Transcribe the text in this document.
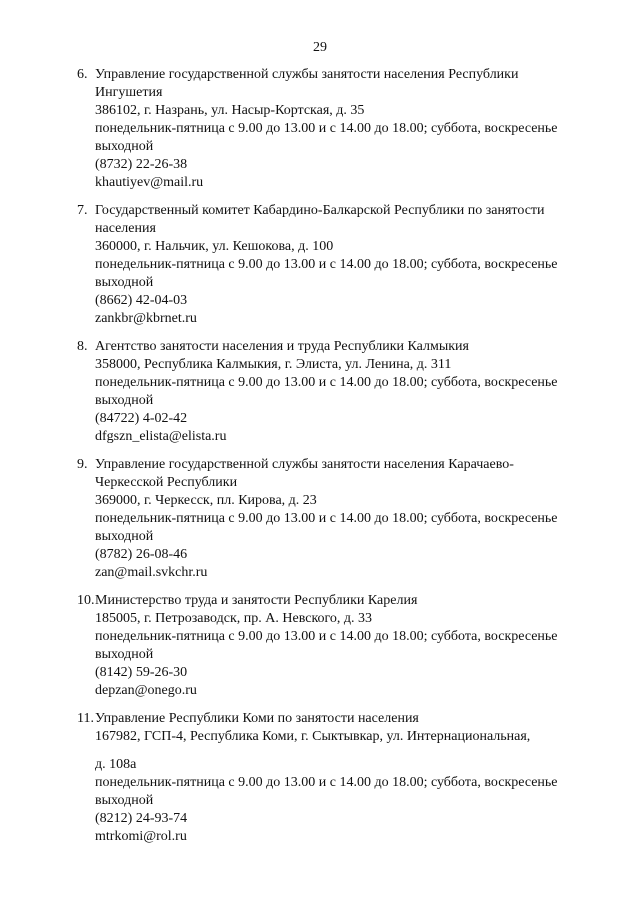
29
6. Управление государственной службы занятости населения Республики
Ингушетия
386102, г. Назрань, ул. Насыр-Кортская, д. 35
понедельник-пятница с 9.00 до 13.00 и с 14.00 до 18.00; суббота, воскресенье
выходной
(8732) 22-26-38
khautiyev@mail.ru
7. Государственный комитет Кабардино-Балкарской Республики по занятости
населения
360000, г. Нальчик, ул. Кешокова, д. 100
понедельник-пятница с 9.00 до 13.00 и с 14.00 до 18.00; суббота, воскресенье
выходной
(8662) 42-04-03
zankbr@kbrnet.ru
8. Агентство занятости населения и труда Республики Калмыкия
358000, Республика Калмыкия, г. Элиста, ул. Ленина, д. 311
понедельник-пятница с 9.00 до 13.00 и с 14.00 до 18.00; суббота, воскресенье
выходной
(84722) 4-02-42
dfgszn_elista@elista.ru
9. Управление государственной службы занятости населения Карачаево-
Черкесской Республики
369000, г. Черкесск, пл. Кирова, д. 23
понедельник-пятница с 9.00 до 13.00 и с 14.00 до 18.00; суббота, воскресенье
выходной
(8782) 26-08-46
zan@mail.svkchr.ru
10. Министерство труда и занятости Республики Карелия
185005, г. Петрозаводск, пр. А. Невского, д. 33
понедельник-пятница с 9.00 до 13.00 и с 14.00 до 18.00; суббота, воскресенье
выходной
(8142) 59-26-30
depzan@onego.ru
11. Управление Республики Коми по занятости населения
167982, ГСП-4, Республика Коми, г. Сыктывкар, ул. Интернациональная,
д. 108а
понедельник-пятница с 9.00 до 13.00 и с 14.00 до 18.00; суббота, воскресенье
выходной
(8212) 24-93-74
mtrkomi@rol.ru
